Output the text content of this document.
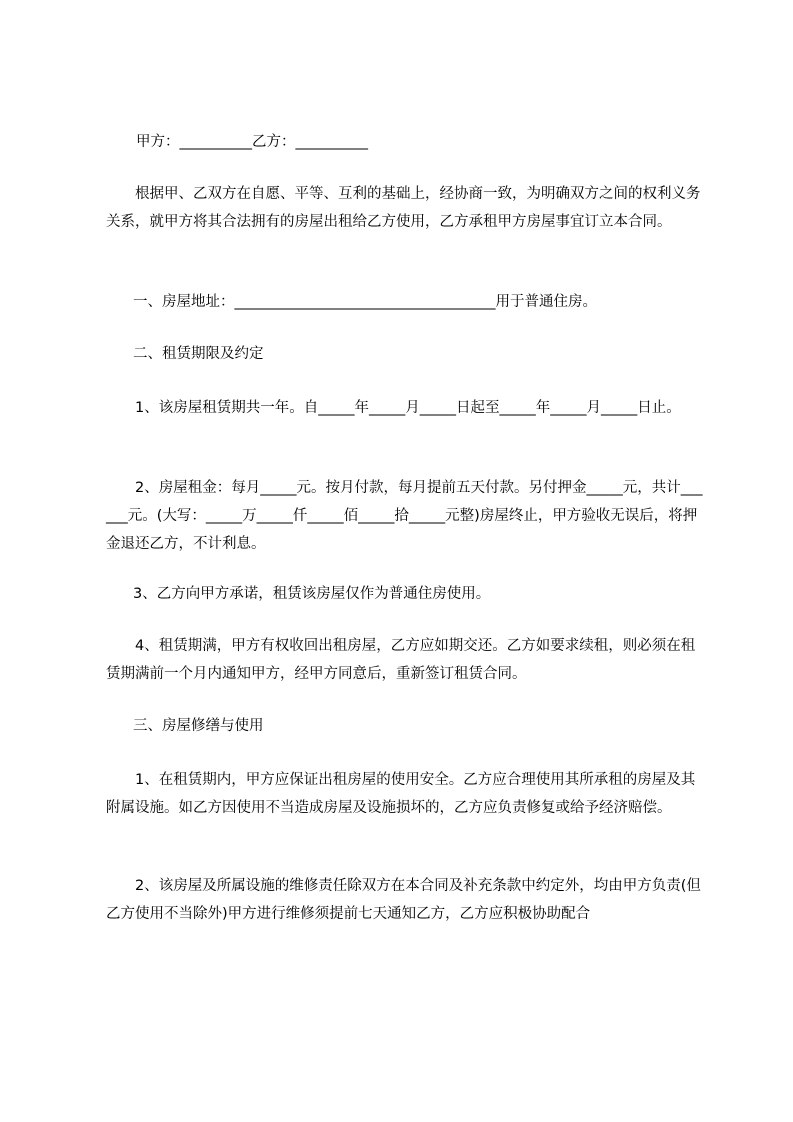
甲方：__________乙方：__________

根据甲、乙双方在自愿、平等、互利的基础上，经协商一致，为明确双方之间的权利义务关系，就甲方将其合法拥有的房屋出租给乙方使用，乙方承租甲方房屋事宜订立本合同。

一、房屋地址：____________________________________用于普通住房。

二、租赁期限及约定

1、该房屋租赁期共一年。自_____年_____月_____日起至_____年_____月_____日止。

2、房屋租金：每月_____元。按月付款，每月提前五天付款。另付押金_____元，共计______元。(大写：_____万_____仟_____佰_____拾_____元整)房屋终止，甲方验收无误后，将押金退还乙方，不计利息。

3、乙方向甲方承诺，租赁该房屋仅作为普通住房使用。

4、租赁期满，甲方有权收回出租房屋，乙方应如期交还。乙方如要求续租，则必须在租赁期满前一个月内通知甲方，经甲方同意后，重新签订租赁合同。

三、房屋修缮与使用

1、在租赁期内，甲方应保证出租房屋的使用安全。乙方应合理使用其所承租的房屋及其附属设施。如乙方因使用不当造成房屋及设施损坏的，乙方应负责修复或给予经济赔偿。

2、该房屋及所属设施的维修责任除双方在本合同及补充条款中约定外，均由甲方负责(但乙方使用不当除外)甲方进行维修须提前七天通知乙方，乙方应积极协助配合
